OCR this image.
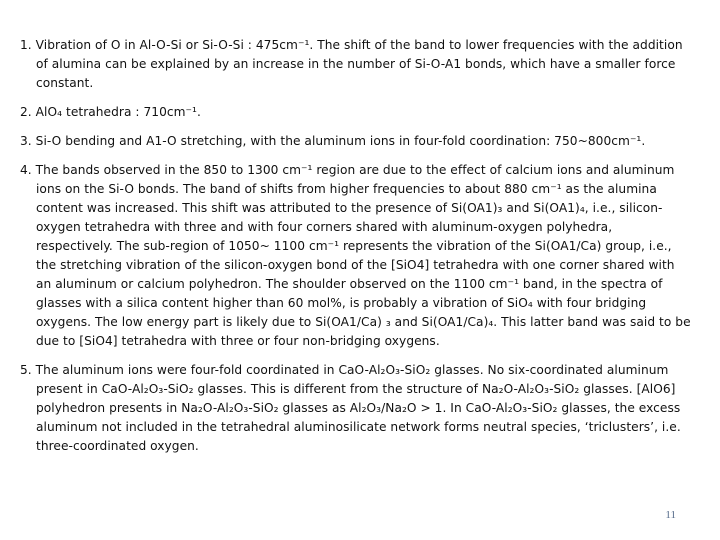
1. Vibration of O in Al-O-Si or Si-O-Si : 475cm⁻¹. The shift of the band to lower frequencies with the addition of alumina can be explained by an increase in the number of Si-O-A1 bonds, which have a smaller force constant.
2. AlO₄ tetrahedra : 710cm⁻¹.
3. Si-O bending and A1-O stretching, with the aluminum ions in four-fold coordination: 750~800cm⁻¹.
4. The bands observed in the 850 to 1300 cm⁻¹ region are due to the effect of calcium ions and aluminum ions on the Si-O bonds. The band of shifts from higher frequencies to about 880 cm⁻¹ as the alumina content was increased. This shift was attributed to the presence of Si(OA1)₃ and Si(OA1)₄, i.e., silicon-oxygen tetrahedra with three and with four corners shared with aluminum-oxygen polyhedra, respectively. The sub-region of 1050~ 1100 cm⁻¹ represents the vibration of the Si(OA1/Ca) group, i.e., the stretching vibration of the silicon-oxygen bond of the [SiO4] tetrahedra with one corner shared with an aluminum or calcium polyhedron. The shoulder observed on the 1100 cm⁻¹ band, in the spectra of glasses with a silica content higher than 60 mol%, is probably a vibration of SiO₄ with four bridging oxygens. The low energy part is likely due to Si(OA1/Ca) ₃ and Si(OA1/Ca)₄. This latter band was said to be due to [SiO4] tetrahedra with three or four non-bridging oxygens.
5. The aluminum ions were four-fold coordinated in CaO-Al₂O₃-SiO₂ glasses. No six-coordinated aluminum present in CaO-Al₂O₃-SiO₂ glasses. This is different from the structure of Na₂O-Al₂O₃-SiO₂ glasses. [AlO6] polyhedron presents in Na₂O-Al₂O₃-SiO₂ glasses as Al₂O₃/Na₂O > 1. In CaO-Al₂O₃-SiO₂ glasses, the excess aluminum not included in the tetrahedral aluminosilicate network forms neutral species, ‘triclusters’, i.e. three-coordinated oxygen.
11
